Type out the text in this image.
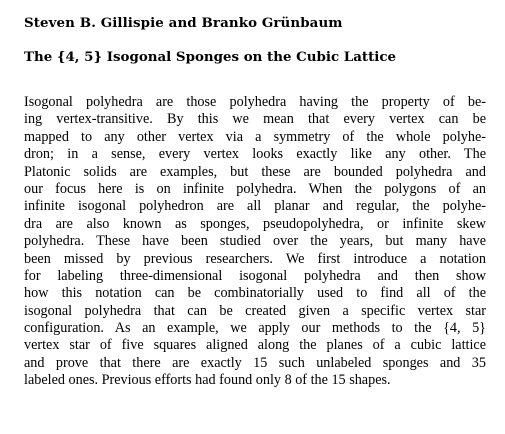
Steven B. Gillispie and Branko Grünbaum
The {4, 5} Isogonal Sponges on the Cubic Lattice
Isogonal polyhedra are those polyhedra having the property of be-
ing vertex-transitive. By this we mean that every vertex can be
mapped to any other vertex via a symmetry of the whole polyhe-
dron; in a sense, every vertex looks exactly like any other. The
Platonic solids are examples, but these are bounded polyhedra and
our focus here is on infinite polyhedra. When the polygons of an
infinite isogonal polyhedron are all planar and regular, the polyhe-
dra are also known as sponges, pseudopolyhedra, or infinite skew
polyhedra. These have been studied over the years, but many have
been missed by previous researchers. We first introduce a notation
for labeling three-dimensional isogonal polyhedra and then show
how this notation can be combinatorially used to find all of the
isogonal polyhedra that can be created given a specific vertex star
configuration. As an example, we apply our methods to the {4, 5}
vertex star of five squares aligned along the planes of a cubic lattice
and prove that there are exactly 15 such unlabeled sponges and 35
labeled ones. Previous efforts had found only 8 of the 15 shapes.
